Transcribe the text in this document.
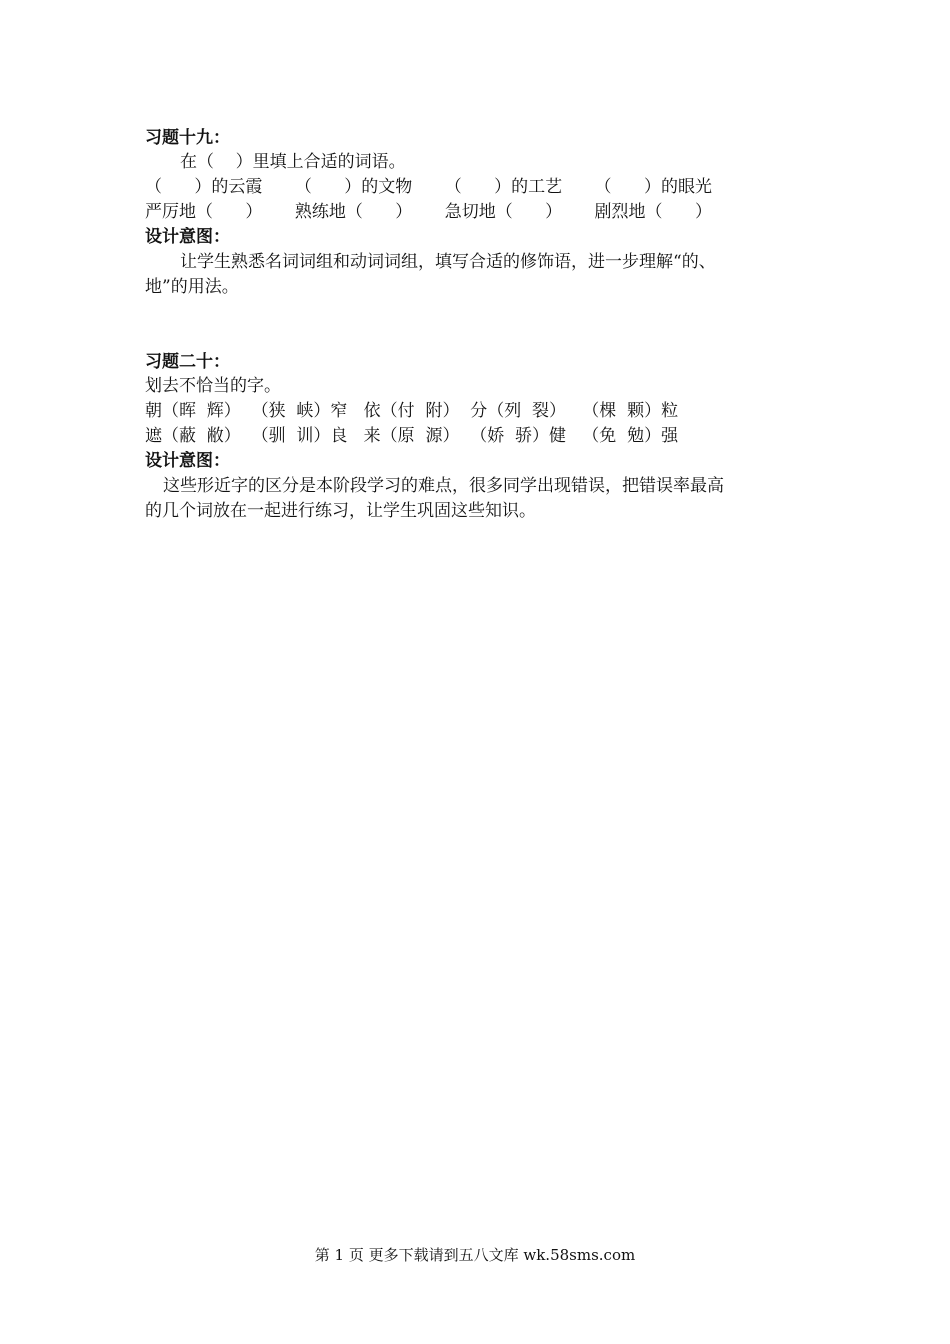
习题十九：
在（    ）里填上合适的词语。
（      ）的云霞      （      ）的文物      （      ）的工艺      （      ）的眼光
严厉地（      ）      熟练地（      ）      急切地（      ）      剧烈地（      ）
设计意图：
让学生熟悉名词词组和动词词组，填写合适的修饰语，进一步理解“的、
地”的用法。
习题二十：
划去不恰当的字。
朝（晖  辉）  （狭  峡）窄   依（付  附）  分（列  裂）   （棵  颗）粒
遮（蔽  敝）  （驯  训）良   来（原  源）  （娇  骄）健   （免  勉）强
设计意图：
这些形近字的区分是本阶段学习的难点，很多同学出现错误，把错误率最高
的几个词放在一起进行练习，让学生巩固这些知识。
第 1 页 更多下载请到五八文库 wk.58sms.com
